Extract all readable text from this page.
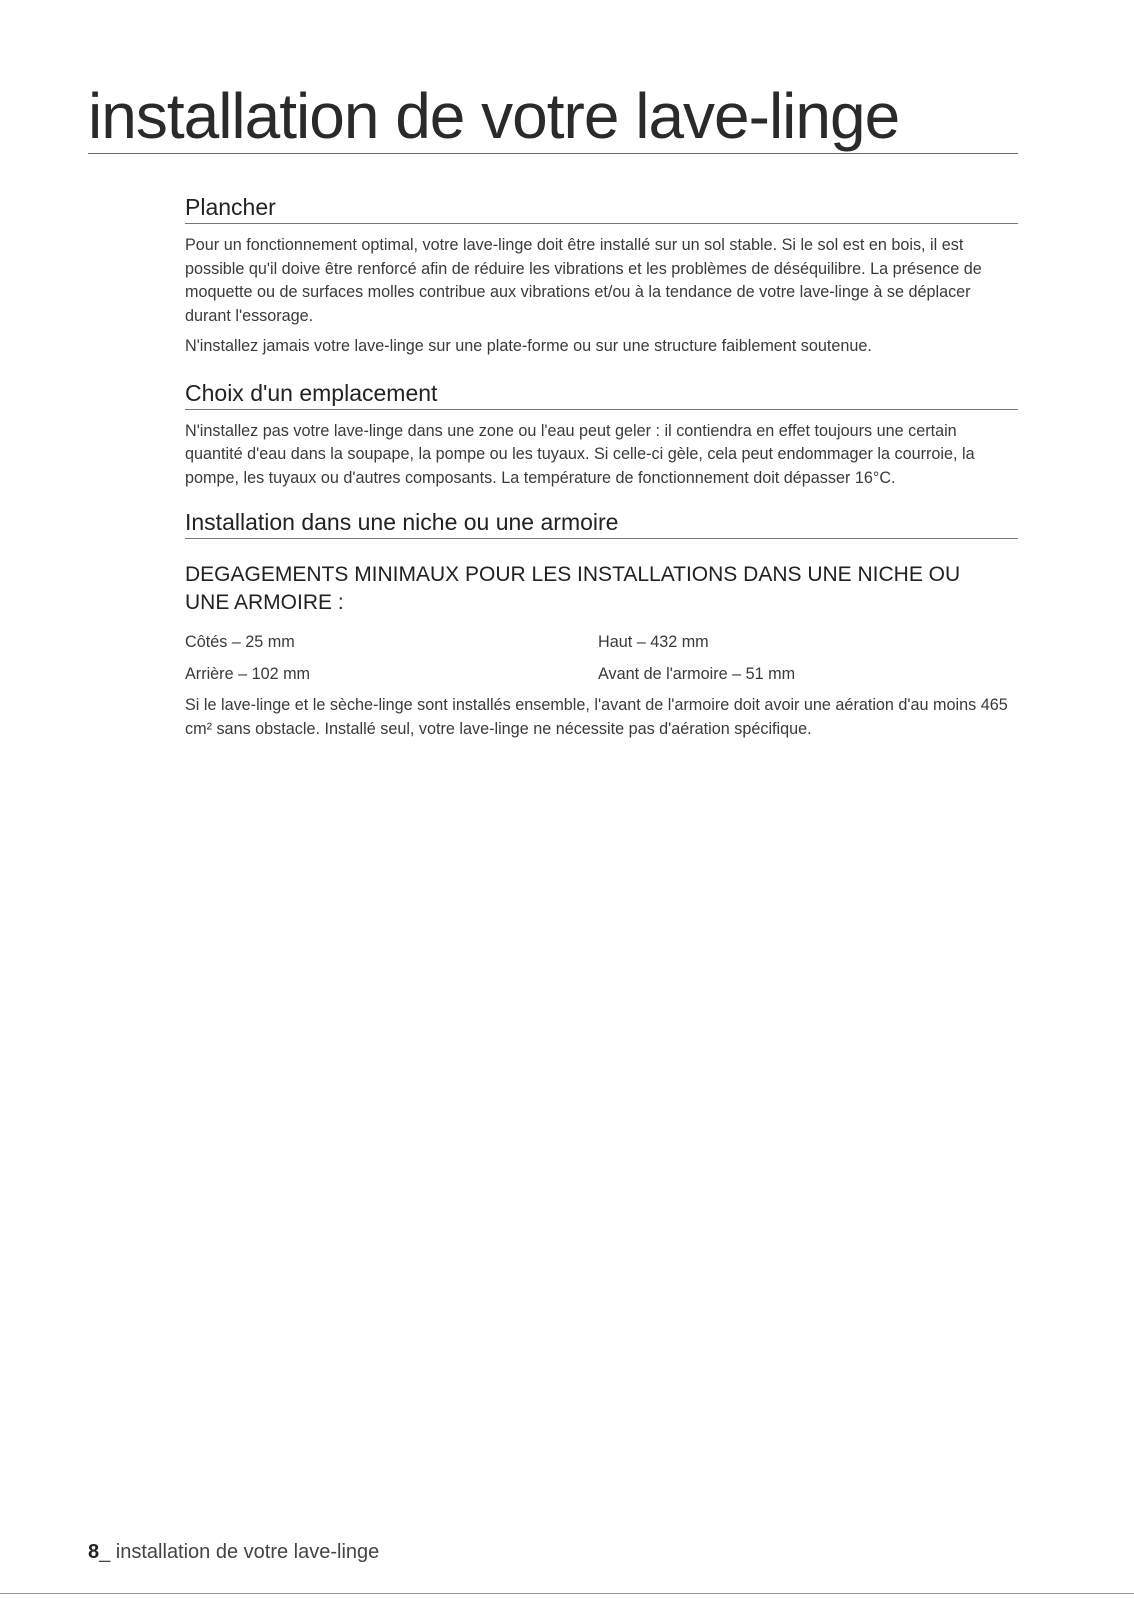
installation de votre lave-linge
Plancher

Pour un fonctionnement optimal, votre lave-linge doit être installé sur un sol stable. Si le sol est en bois, il est possible qu'il doive être renforcé afin de réduire les vibrations et les problèmes de déséquilibre. La présence de moquette ou de surfaces molles contribue aux vibrations et/ou à la tendance de votre lave-linge à se déplacer durant l'essorage.

N'installez jamais votre lave-linge sur une plate-forme ou sur une structure faiblement soutenue.

Choix d'un emplacement

N'installez pas votre lave-linge dans une zone ou l'eau peut geler : il contiendra en effet toujours une certain quantité d'eau dans la soupape, la pompe ou les tuyaux. Si celle-ci gèle, cela peut endommager la courroie, la pompe, les tuyaux ou d'autres composants. La température de fonctionnement doit dépasser 16°C.

Installation dans une niche ou une armoire
DEGAGEMENTS MINIMAUX POUR LES INSTALLATIONS DANS UNE NICHE OU UNE ARMOIRE :
Côtés – 25 mm	Haut – 432 mm
Arrière – 102 mm	Avant de l'armoire – 51 mm

Si le lave-linge et le sèche-linge sont installés ensemble, l'avant de l'armoire doit avoir une aération d'au moins 465 cm² sans obstacle. Installé seul, votre lave-linge ne nécessite pas d'aération spécifique.

8_ installation de votre lave-linge
